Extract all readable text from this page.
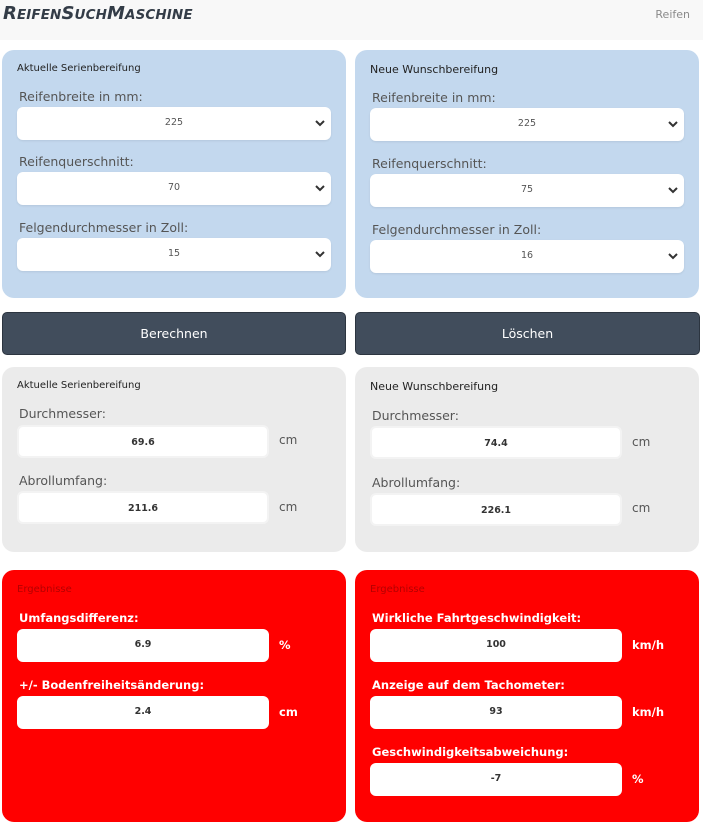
REIFENSUCHMASCHINE	Reifen
Aktuelle Serienbereifung
Reifenbreite in mm:
225
Reifenquerschnitt:
70
Felgendurchmesser in Zoll:
15
Neue Wunschbereifung
Reifenbreite in mm:
225
Reifenquerschnitt:
75
Felgendurchmesser in Zoll:
16
Berechnen	Löschen
Aktuelle Serienbereifung
Durchmesser:
69.6	cm
Abrollumfang:
211.6	cm
Neue Wunschbereifung
Durchmesser:
74.4	cm
Abrollumfang:
226.1	cm
Ergebnisse
Umfangsdifferenz:
6.9	%
+/- Bodenfreiheitsänderung:
2.4	cm
Ergebnisse
Wirkliche Fahrtgeschwindigkeit:
100	km/h
Anzeige auf dem Tachometer:
93	km/h
Geschwindigkeitsabweichung:
-7	%
